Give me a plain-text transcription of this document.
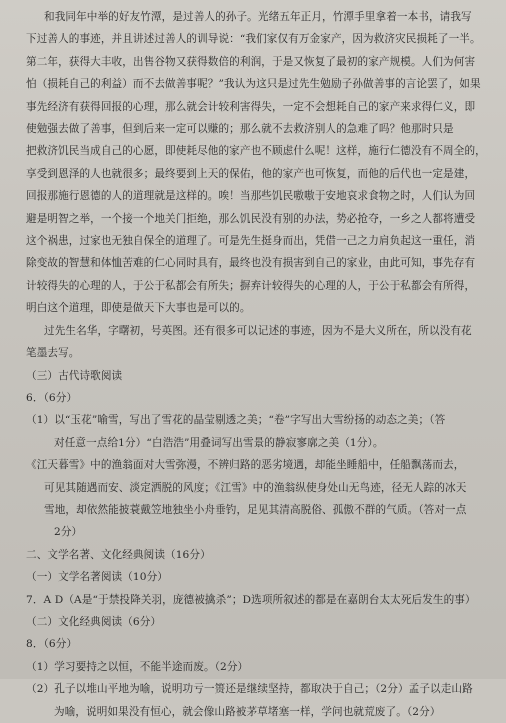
和我同年中举的好友竹潭，是过善人的孙子。光绪五年正月，竹潭手里拿着一本书，请我写
下过善人的事迹，并且讲述过善人的训导说：“我们家仅有万金家产，因为救济灾民损耗了一半。
第二年，获得大丰收，出售谷物又获得数倍的利润，于是又恢复了最初的家产规模。人们为何害
怕（损耗自己的利益）而不去做善事呢？”我认为这只是过先生勉励子孙做善事的言论罢了，如果
事先经济有获得回报的心理，那么就会计较利害得失，一定不会想耗自己的家产来求得仁义，即
使勉强去做了善事，但到后来一定可以赚的；那么就不去救济别人的急难了吗？他那时只是
把救济饥民当成自己的心愿，即使耗尽他的家产也不顾虑什么呢！这样，施行仁德没有不周全的，
享受到恩泽的人也就很多；最终要到上天的保佑，他的家产也可恢复，而他的后代也一定是建，
回报那施行恩德的人的道理就是这样的。唉！当那些饥民嗷嗷于安地哀求食物之时，人们认为回
避是明智之举，一个接一个地关门拒绝，那么饥民没有别的办法，势必抢夺，一乡之人都将遭受
这个祸患，过家也无独自保全的道理了。可是先生挺身而出，凭借一己之力肩负起这一重任，消
除变故的智慧和体恤苦难的仁心同时具有，最终也没有损害到自己的家业，由此可知，事先存有
计较得失的心理的人，于公于私都会有所失；摒弃计较得失的心理的人，于公于私都会有所得，
明白这个道理，即使是做天下大事也是可以的。
过先生名华，字曙初，号英图。还有很多可以记述的事迹，因为不是大义所在，所以没有花
笔墨去写。
（三）古代诗歌阅读
6．（6分）
（1）以“玉花”喻雪，写出了雪花的晶莹剔透之美；“卷”字写出大雪纷扬的动态之美；（答
对任意一点给1分）“白浩浩”用叠词写出雪景的静寂寥廓之美（1分）。
《江天暮雪》中的渔翁面对大雪弥漫，不辨归路的恶劣境遇，却能坐睡船中，任船飘荡而去，
可见其随遇而安、淡定洒脱的风度；《江雪》中的渔翁纵使身处山无鸟迹，径无人踪的冰天
雪地，却依然能披蓑戴笠地独坐小舟垂钓，足见其清高脱俗、孤傲不群的气质。（答对一点
2分）
二、文学名著、文化经典阅读（16分）
（一）文学名著阅读（10分）
7．A D（A是“于禁投降关羽，庞德被擒杀”；D选项所叙述的都是在嘉朗台太太死后发生的事）
（二）文化经典阅读（6分）
8．（6分）
（1）学习要持之以恒，不能半途而废。（2分）
（2）孔子以堆山平地为喻，说明功亏一篑还是继续坚持，都取决于自己；（2分）孟子以走山路
为喻，说明如果没有恒心，就会像山路被茅草堵塞一样，学问也就荒废了。（2分）
